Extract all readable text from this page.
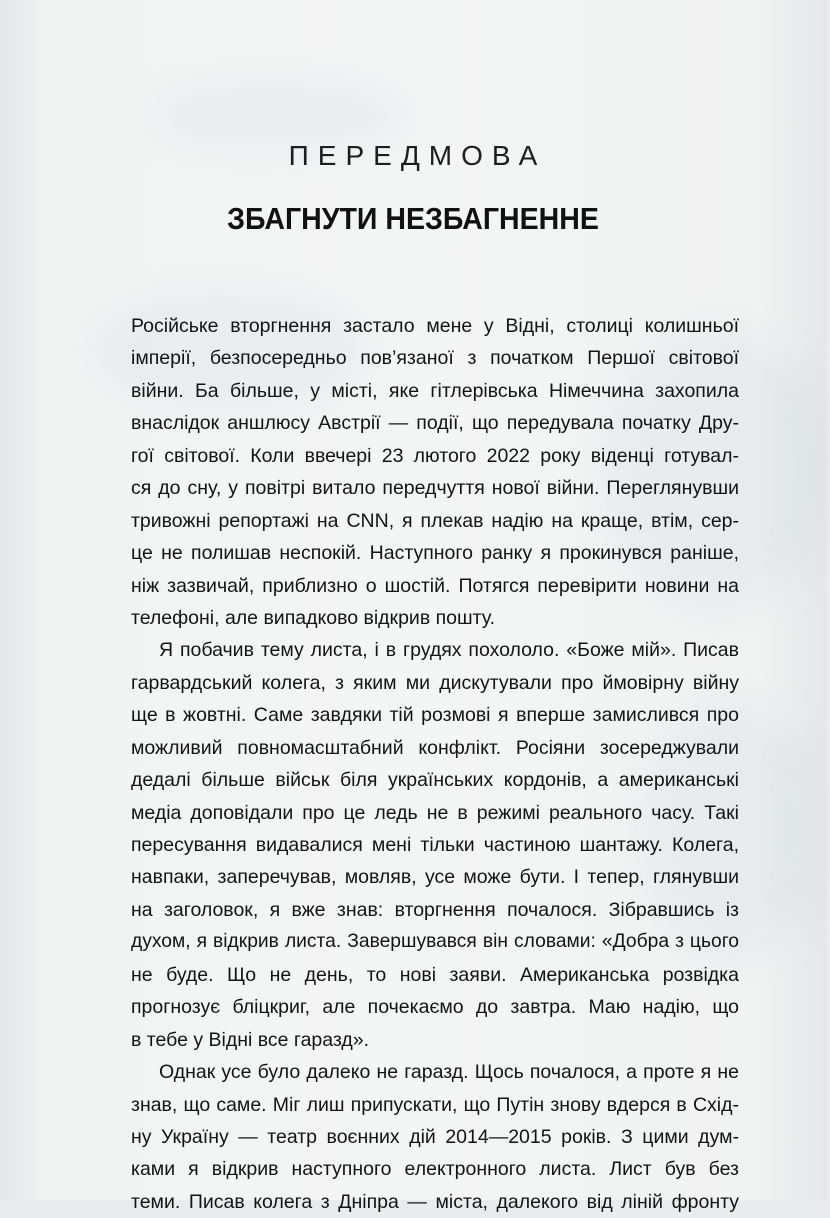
ПЕРЕДМОВА
ЗБАГНУТИ НЕЗБАГНЕННЕ
Російське вторгнення застало мене у Відні, столиці колишньої
імперії, безпосередньо пов’язаної з початком Першої світової
війни. Ба більше, у місті, яке гітлерівська Німеччина захопила
внаслідок аншлюсу Австрії — події, що передувала початку Дру-
гої світової. Коли ввечері 23 лютого 2022 року віденці готувал-
ся до сну, у повітрі витало передчуття нової війни. Переглянувши
тривожні репортажі на CNN, я плекав надію на краще, втім, сер-
це не полишав неспокій. Наступного ранку я прокинувся раніше,
ніж зазвичай, приблизно о шостій. Потягся перевірити новини на
телефоні, але випадково відкрив пошту.
Я побачив тему листа, і в грудях похололо. «Боже мій». Писав
гарвардський колега, з яким ми дискутували про ймовірну війну
ще в жовтні. Саме завдяки тій розмові я вперше замислився про
можливий повномасштабний конфлікт. Росіяни зосереджували
дедалі більше військ біля українських кордонів, а американські
медіа доповідали про це ледь не в режимі реального часу. Такі
пересування видавалися мені тільки частиною шантажу. Колега,
навпаки, заперечував, мовляв, усе може бути. І тепер, глянувши
на заголовок, я вже знав: вторгнення почалося. Зібравшись із
духом, я відкрив листа. Завершувався він словами: «Добра з цього
не буде. Що не день, то нові заяви. Американська розвідка
прогнозує бліцкриг, але почекаємо до завтра. Маю надію, що
в тебе у Відні все гаразд».
Однак усе було далеко не гаразд. Щось почалося, а проте я не
знав, що саме. Міг лиш припускати, що Путін знову вдерся в Схід-
ну Україну — театр воєнних дій 2014—2015 років. З цими дум-
ками я відкрив наступного електронного листа. Лист був без
теми. Писав колега з Дніпра — міста, далекого від ліній фронту
